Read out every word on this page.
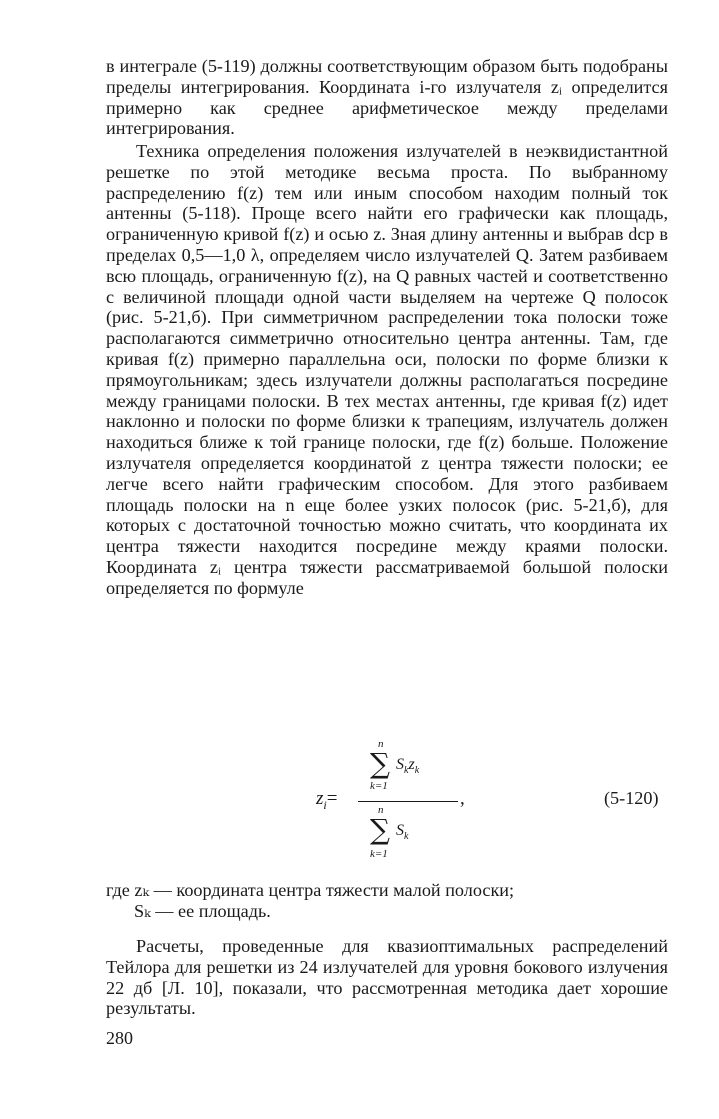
в интеграле (5-119) должны соответствующим образом быть подобраны пределы интегрирования. Координата i-го излучателя zᵢ определится примерно как среднее арифметическое между пределами интегрирования.

Техника определения положения излучателей в неэквидистантной решетке по этой методике весьма проста. По выбранному распределению f(z) тем или иным способом находим полный ток антенны (5-118). Проще всего найти его графически как площадь, ограниченную кривой f(z) и осью z. Зная длину антенны и выбрав dср в пределах 0,5—1,0 λ, определяем число излучателей Q. Затем разбиваем всю площадь, ограниченную f(z), на Q равных частей и соответственно с величиной площади одной части выделяем на чертеже Q полосок (рис. 5-21,б). При симметричном распределении тока полоски тоже располагаются симметрично относительно центра антенны. Там, где кривая f(z) примерно параллельна оси, полоски по форме близки к прямоугольникам; здесь излучатели должны располагаться посредине между границами полоски. В тех местах антенны, где кривая f(z) идет наклонно и полоски по форме близки к трапециям, излучатель должен находиться ближе к той границе полоски, где f(z) больше. Положение излучателя определяется координатой z центра тяжести полоски; ее легче всего найти графическим способом. Для этого разбиваем площадь полоски на n еще более узких полосок (рис. 5-21,б), для которых с достаточной точностью можно считать, что координата их центра тяжести находится посредине между краями полоски. Координата zᵢ центра тяжести рассматриваемой большой полоски определяется по формуле

$z_i=$
n
∑
k=1
$S_kz_k$
,
n
∑
k=1
$S_k$
(5-120)

где zₖ — координата центра тяжести малой полоски;

Sₖ — ее площадь.

Расчеты, проведенные для квазиоптимальных распределений Тейлора для решетки из 24 излучателей для уровня бокового излучения 22 дб [Л. 10], показали, что рассмотренная методика дает хорошие результаты.

280
